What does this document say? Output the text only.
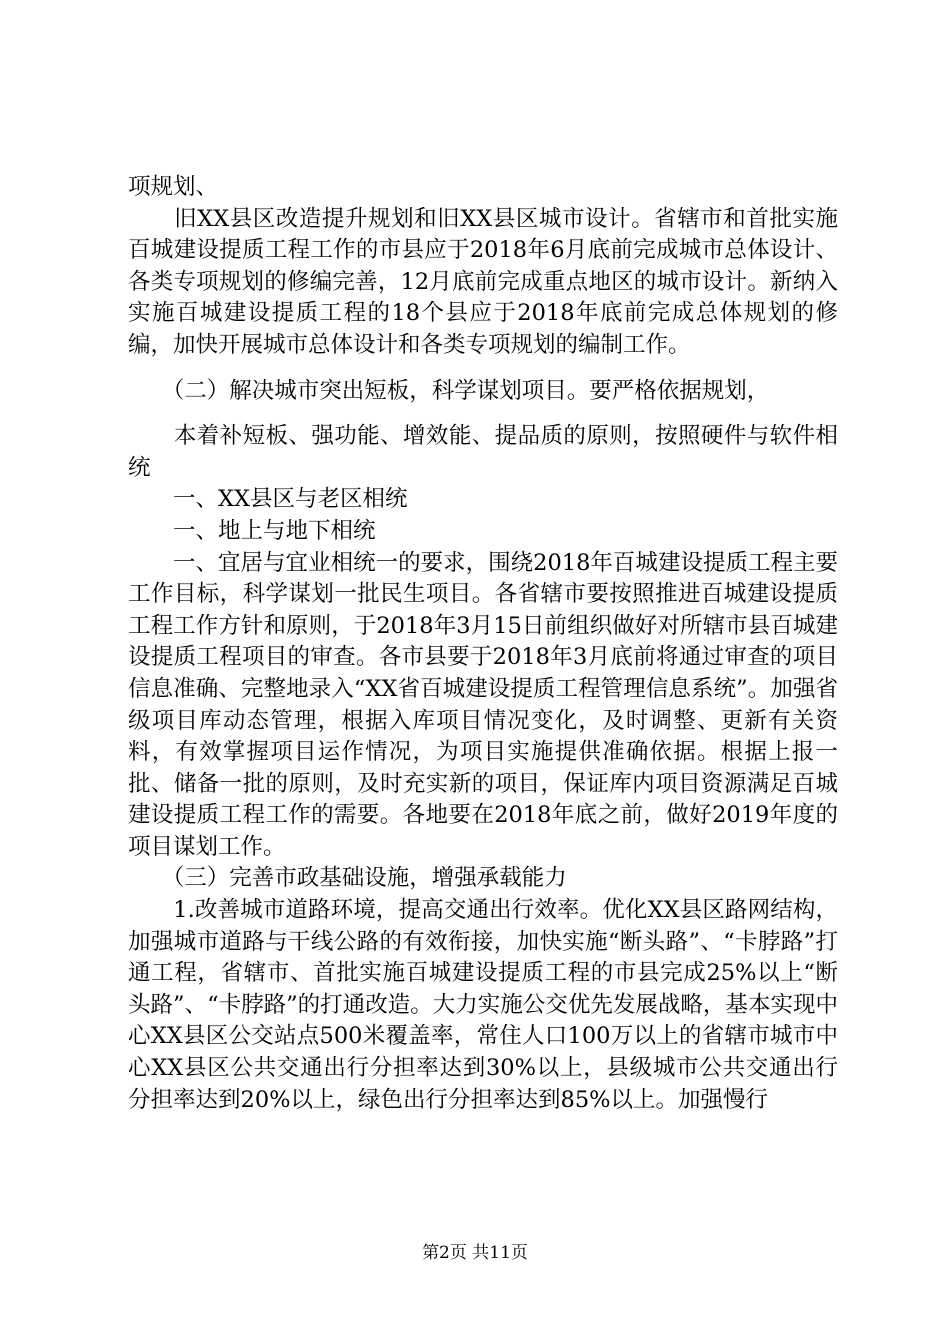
项规划、

　　旧XX县区改造提升规划和旧XX县区城市设计。省辖市和首批实施百城建设提质工程工作的市县应于2018年6月底前完成城市总体设计、各类专项规划的修编完善，12月底前完成重点地区的城市设计。新纳入实施百城建设提质工程的18个县应于2018年底前完成总体规划的修编，加快开展城市总体设计和各类专项规划的编制工作。

　　（二）解决城市突出短板，科学谋划项目。要严格依据规划，

　　本着补短板、强功能、增效能、提品质的原则，按照硬件与软件相统

　　一、XX县区与老区相统

　　一、地上与地下相统

　　一、宜居与宜业相统一的要求，围绕2018年百城建设提质工程主要工作目标，科学谋划一批民生项目。各省辖市要按照推进百城建设提质工程工作方针和原则，于2018年3月15日前组织做好对所辖市县百城建设提质工程项目的审查。各市县要于2018年3月底前将通过审查的项目信息准确、完整地录入“XX省百城建设提质工程管理信息系统”。加强省级项目库动态管理，根据入库项目情况变化，及时调整、更新有关资料，有效掌握项目运作情况，为项目实施提供准确依据。根据上报一批、储备一批的原则，及时充实新的项目，保证库内项目资源满足百城建设提质工程工作的需要。各地要在2018年底之前，做好2019年度的项目谋划工作。

　　（三）完善市政基础设施，增强承载能力

　　1.改善城市道路环境，提高交通出行效率。优化XX县区路网结构，加强城市道路与干线公路的有效衔接，加快实施“断头路”、“卡脖路”打通工程，省辖市、首批实施百城建设提质工程的市县完成25%以上“断头路”、“卡脖路”的打通改造。大力实施公交优先发展战略，基本实现中心XX县区公交站点500米覆盖率，常住人口100万以上的省辖市城市中心XX县区公共交通出行分担率达到30%以上，县级城市公共交通出行分担率达到20%以上，绿色出行分担率达到85%以上。加强慢行

第2页 共11页
